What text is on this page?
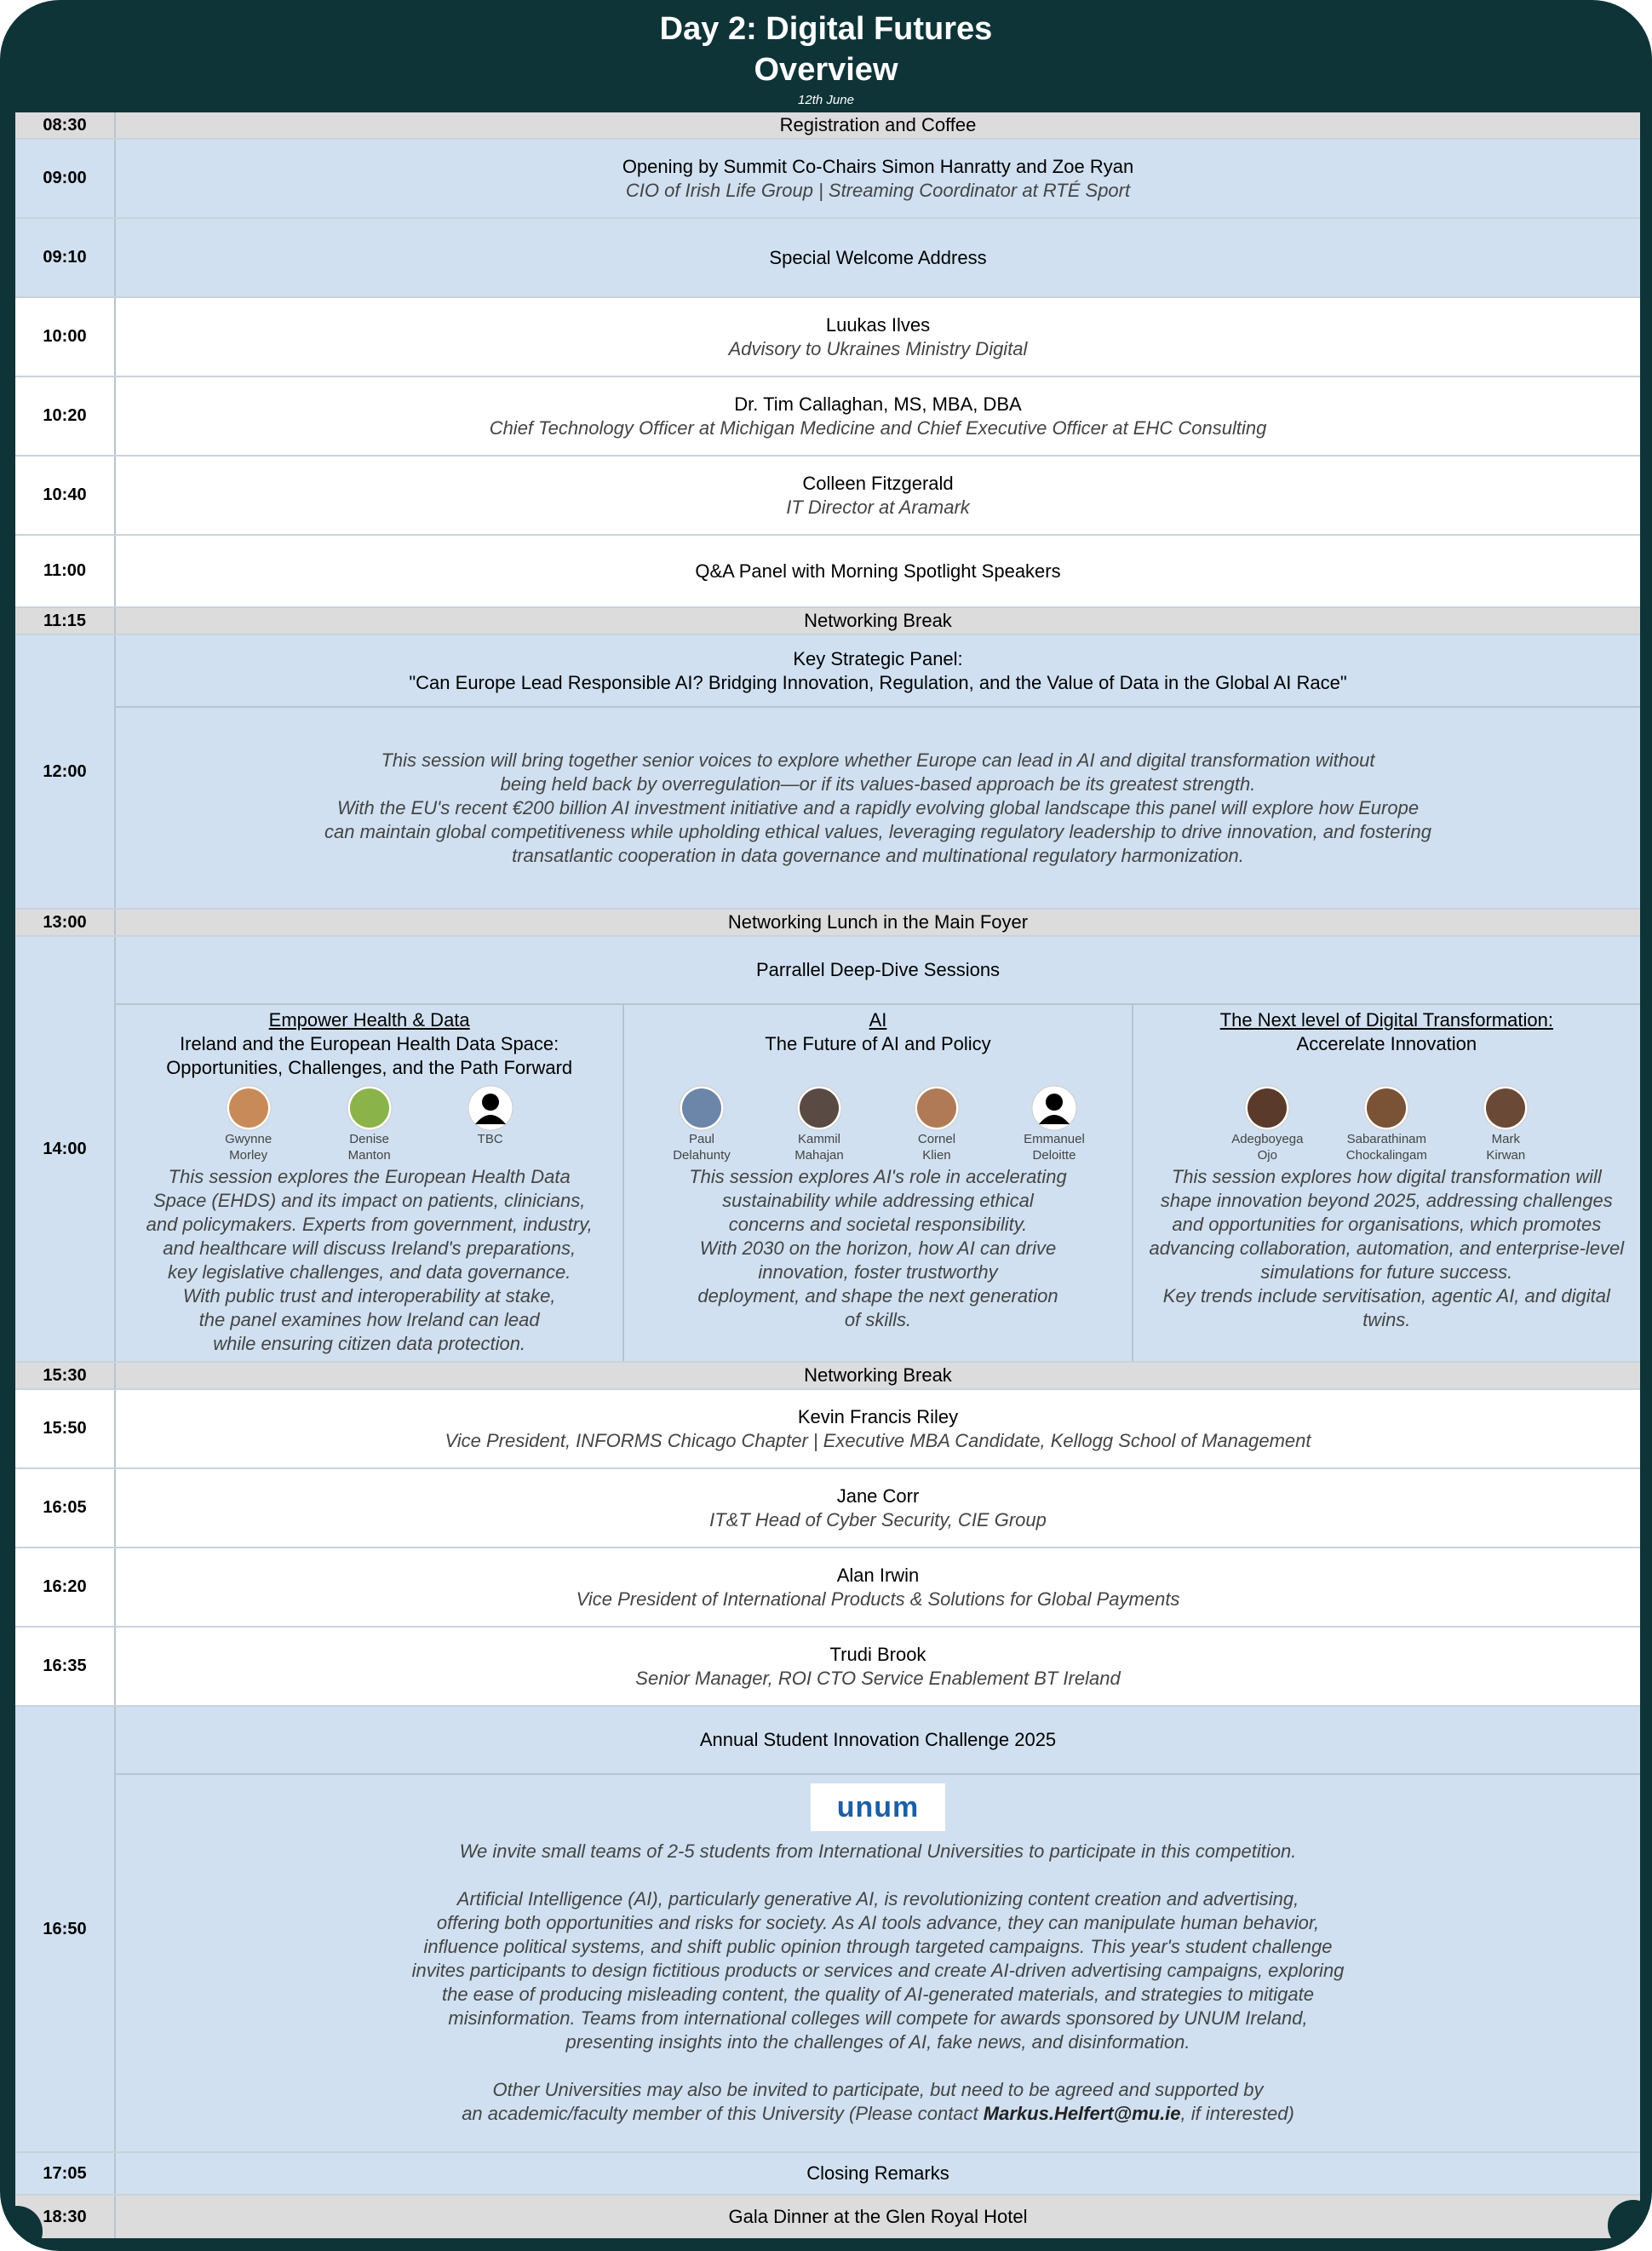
Day 2: Digital Futures
Overview
12th June
08:30	Registration and Coffee
09:00
Opening by Summit Co-Chairs Simon Hanratty and Zoe Ryan
CIO of Irish Life Group | Streaming Coordinator at RTÉ Sport
09:10	Special Welcome Address
10:00
Luukas Ilves
Advisory to Ukraines Ministry Digital
10:20
Dr. Tim Callaghan, MS, MBA, DBA
Chief Technology Officer at Michigan Medicine and Chief Executive Officer at EHC Consulting
10:40
Colleen Fitzgerald
IT Director at Aramark
11:00	Q&A Panel with Morning Spotlight Speakers
11:15	Networking Break
12:00
Key Strategic Panel:
"Can Europe Lead Responsible AI? Bridging Innovation, Regulation, and the Value of Data in the Global AI Race"
This session will bring together senior voices to explore whether Europe can lead in AI and digital transformation without
being held back by overregulation—or if its values-based approach be its greatest strength.
With the EU's recent €200 billion AI investment initiative and a rapidly evolving global landscape this panel will explore how Europe
can maintain global competitiveness while upholding ethical values, leveraging regulatory leadership to drive innovation, and fostering
transatlantic cooperation in data governance and multinational regulatory harmonization.
13:00	Networking Lunch in the Main Foyer
14:00
Parrallel Deep-Dive Sessions
Empower Health & Data
Ireland and the European Health Data Space:
Opportunities, Challenges, and the Path Forward
Gwynne
Morley
Denise
Manton
TBC
This session explores the European Health Data
Space (EHDS) and its impact on patients, clinicians,
and policymakers. Experts from government, industry,
and healthcare will discuss Ireland's preparations,
key legislative challenges, and data governance.
With public trust and interoperability at stake,
the panel examines how Ireland can lead
while ensuring citizen data protection.
AI
The Future of AI and Policy
Paul
Delahunty
Kammil
Mahajan
Cornel
Klien
Emmanuel
Deloitte
This session explores AI's role in accelerating
sustainability while addressing ethical
concerns and societal responsibility.
With 2030 on the horizon, how AI can drive
innovation, foster trustworthy
deployment, and shape the next generation
of skills.
The Next level of Digital Transformation:
Accerelate Innovation
Adegboyega
Ojo
Sabarathinam
Chockalingam
Mark
Kirwan
This session explores how digital transformation will
shape innovation beyond 2025, addressing challenges
and opportunities for organisations, which promotes
advancing collaboration, automation, and enterprise-level
simulations for future success.
Key trends include servitisation, agentic AI, and digital
twins.
15:30	Networking Break
15:50
Kevin Francis Riley
Vice President, INFORMS Chicago Chapter | Executive MBA Candidate, Kellogg School of Management
16:05
Jane Corr
IT&T Head of Cyber Security, CIE Group
16:20
Alan Irwin
Vice President of International Products & Solutions for Global Payments
16:35
Trudi Brook
Senior Manager, ROI CTO Service Enablement BT Ireland
16:50
Annual Student Innovation Challenge 2025
unum
We invite small teams of 2-5 students from International Universities to participate in this competition.
Artificial Intelligence (AI), particularly generative AI, is revolutionizing content creation and advertising,
offering both opportunities and risks for society. As AI tools advance, they can manipulate human behavior,
influence political systems, and shift public opinion through targeted campaigns. This year's student challenge
invites participants to design fictitious products or services and create AI-driven advertising campaigns, exploring
the ease of producing misleading content, the quality of AI-generated materials, and strategies to mitigate
misinformation. Teams from international colleges will compete for awards sponsored by UNUM Ireland,
presenting insights into the challenges of AI, fake news, and disinformation.
Other Universities may also be invited to participate, but need to be agreed and supported by
an academic/faculty member of this University (Please contact Markus.Helfert@mu.ie, if interested)
17:05	Closing Remarks
18:30	Gala Dinner at the Glen Royal Hotel
